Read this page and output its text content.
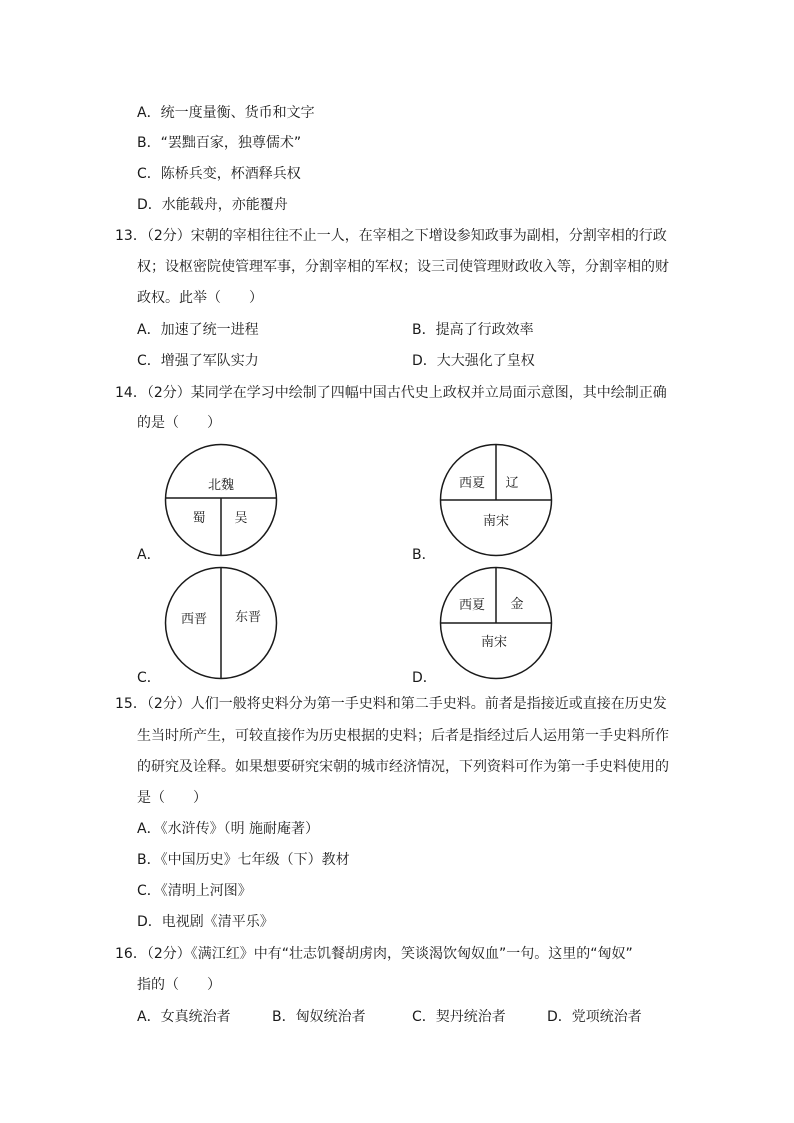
A．统一度量衡、货币和文字
B．“罢黜百家，独尊儒术”
C．陈桥兵变，杯酒释兵权
D．水能载舟，亦能覆舟
13．（2分）宋朝的宰相往往不止一人，在宰相之下增设参知政事为副相，分割宰相的行政
权；设枢密院使管理军事，分割宰相的军权；设三司使管理财政收入等，分割宰相的财
政权。此举（　　）
A．加速了统一进程	B．提高了行政效率
C．增强了军队实力	D．大大强化了皇权
14．（2分）某同学在学习中绘制了四幅中国古代史上政权并立局面示意图，其中绘制正确
的是（　　）
A．
北魏
蜀 吴
B．
西夏 辽
南宋
C．
西晋 东晋
D．
西夏 金
南宋
15．（2分）人们一般将史料分为第一手史料和第二手史料。前者是指接近或直接在历史发
生当时所产生，可较直接作为历史根据的史料；后者是指经过后人运用第一手史料所作
的研究及诠释。如果想要研究宋朝的城市经济情况，下列资料可作为第一手史料使用的
是（　　）
A．《水浒传》（明 施耐庵著）
B．《中国历史》七年级（下）教材
C．《清明上河图》
D．电视剧《清平乐》
16．（2分）《满江红》中有“壮志饥餐胡虏肉，笑谈渴饮匈奴血”一句。这里的“匈奴”
指的（　　）
A．女真统治者	B．匈奴统治者	C．契丹统治者	D．党项统治者
